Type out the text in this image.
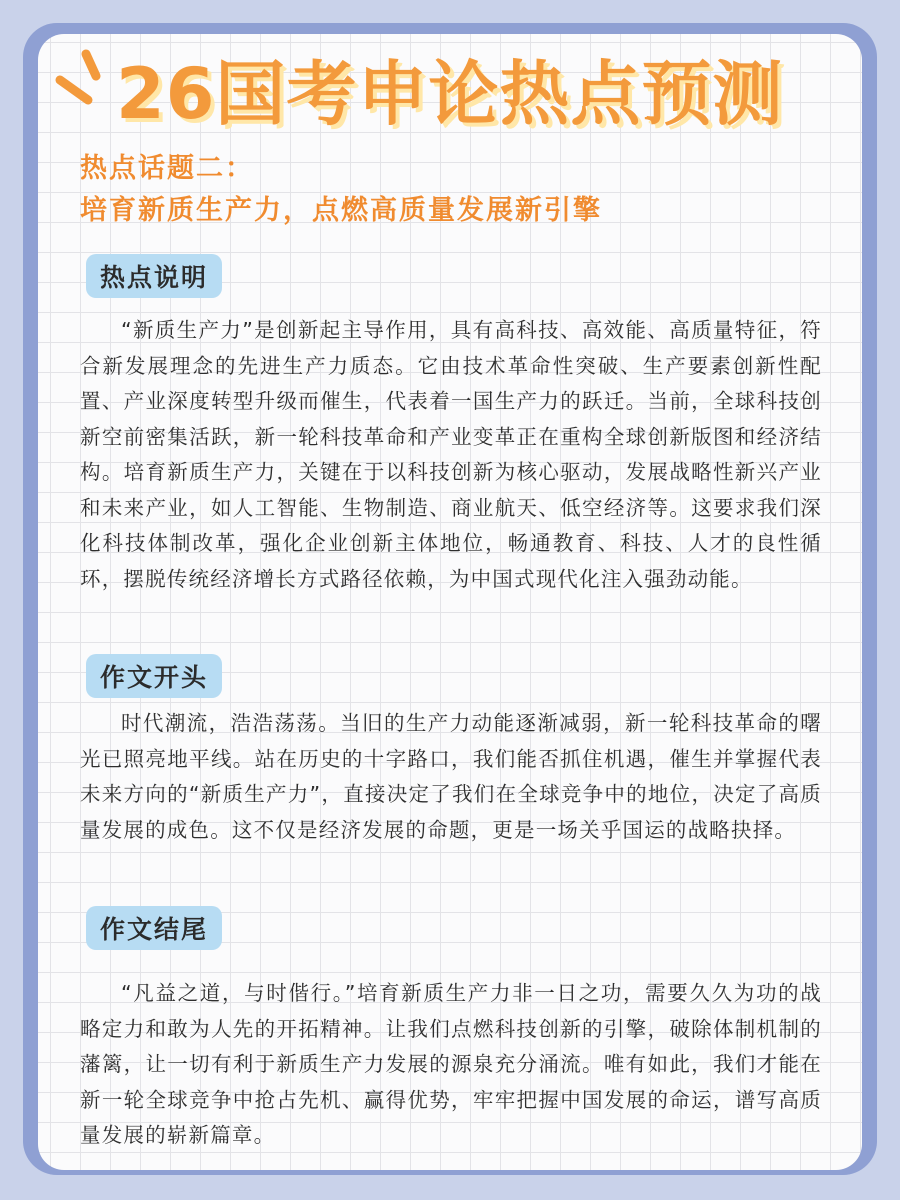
26国考申论热点预测
热点话题二：
培育新质生产力，点燃高质量发展新引擎
热点说明
“新质生产力”是创新起主导作用，具有高科技、高效能、高质量特征，符合新发展理念的先进生产力质态。它由技术革命性突破、生产要素创新性配置、产业深度转型升级而催生，代表着一国生产力的跃迁。当前，全球科技创新空前密集活跃，新一轮科技革命和产业变革正在重构全球创新版图和经济结构。培育新质生产力，关键在于以科技创新为核心驱动，发展战略性新兴产业和未来产业，如人工智能、生物制造、商业航天、低空经济等。这要求我们深化科技体制改革，强化企业创新主体地位，畅通教育、科技、人才的良性循环，摆脱传统经济增长方式路径依赖，为中国式现代化注入强劲动能。
作文开头
时代潮流，浩浩荡荡。当旧的生产力动能逐渐减弱，新一轮科技革命的曙光已照亮地平线。站在历史的十字路口，我们能否抓住机遇，催生并掌握代表未来方向的“新质生产力”，直接决定了我们在全球竞争中的地位，决定了高质量发展的成色。这不仅是经济发展的命题，更是一场关乎国运的战略抉择。
作文结尾
“凡益之道，与时偕行。”培育新质生产力非一日之功，需要久久为功的战略定力和敢为人先的开拓精神。让我们点燃科技创新的引擎，破除体制机制的藩篱，让一切有利于新质生产力发展的源泉充分涌流。唯有如此，我们才能在新一轮全球竞争中抢占先机、赢得优势，牢牢把握中国发展的命运，谱写高质量发展的崭新篇章。
